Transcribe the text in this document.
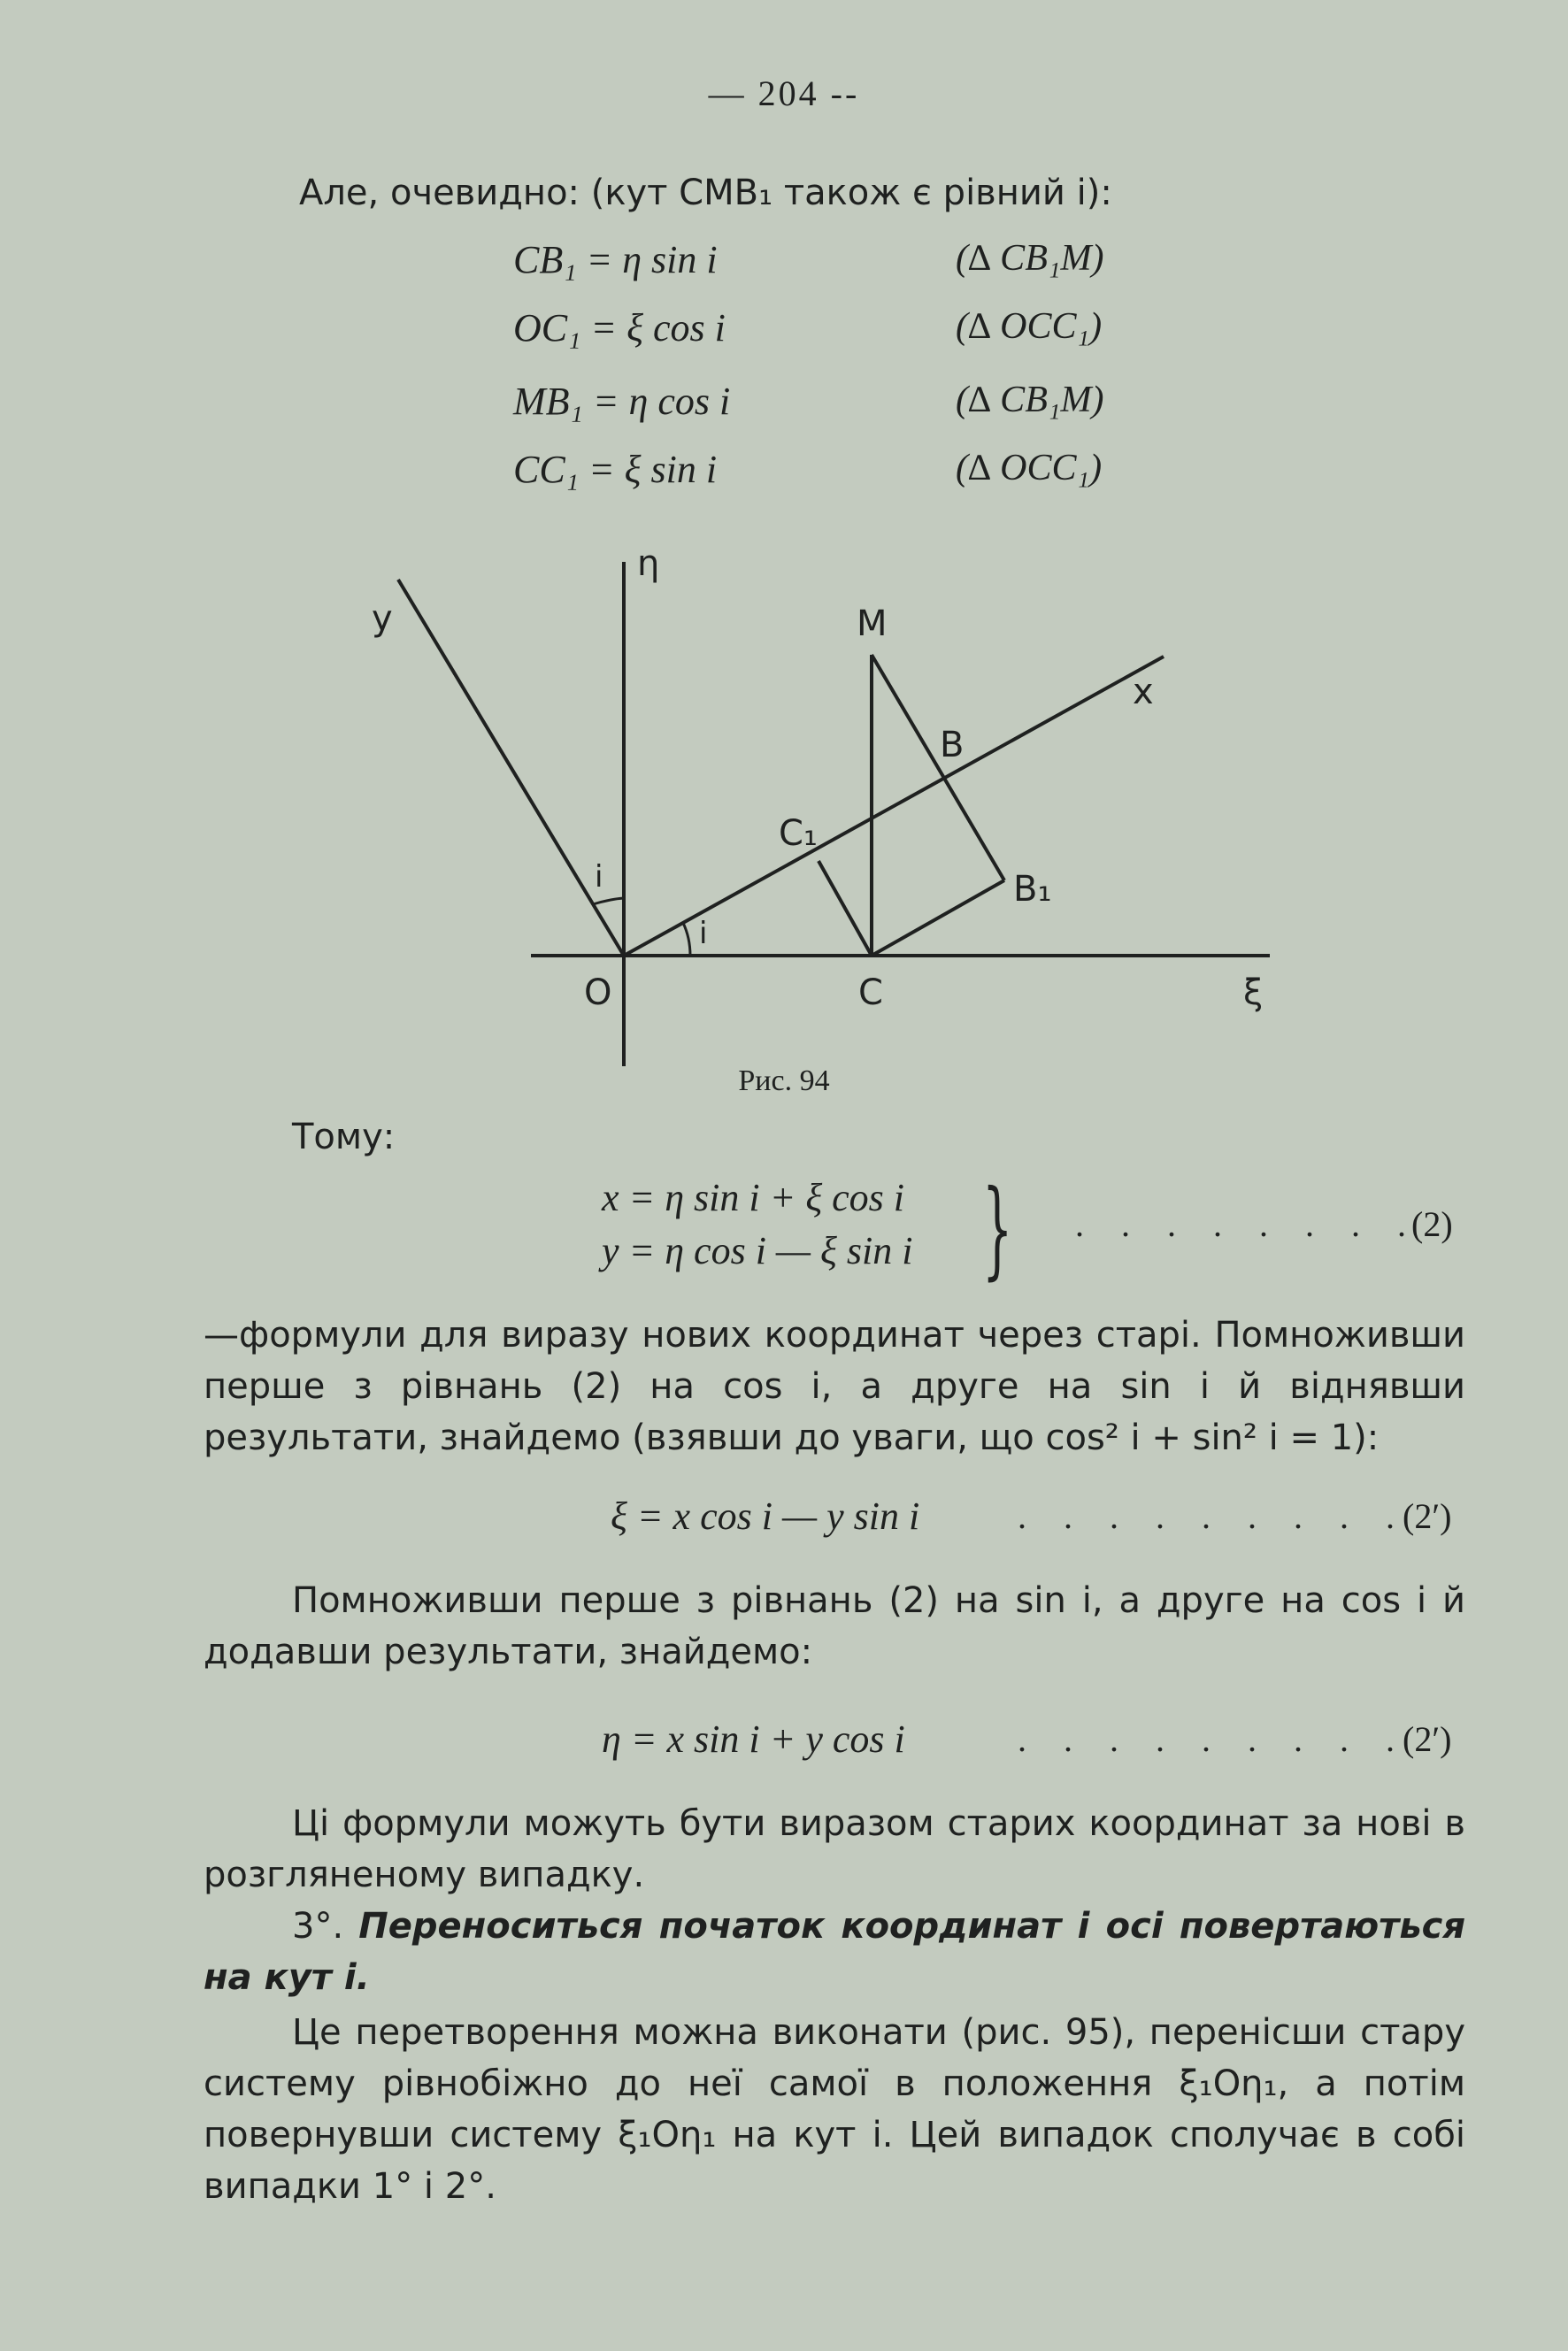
— 204 --
Але, очевидно: (кут CMB₁ також є рівний i):
CB₁ = η sin i	(∆ CB₁M)
OC₁ = ξ cos i	(∆ OCC₁)
MB₁ = η cos i	(∆ CB₁M)
CC₁ = ξ sin i	(∆ OCC₁)
η
y	M
x
B
C₁
B₁
i
i
O	C	ξ
Рис. 94
Тому:
x = η sin i + ξ cos i
y = η cos i — ξ sin i } . . . . . . . .
(2)

—формули для виразу нових координат через старі. Помноживши перше з рівнань (2) на cos i, а друге на sin i й віднявши результати, знайдемо (взявши до уваги, що cos² i + sin² i = 1):

ξ = x cos i — y sin i	. . . . . . . . .
(2′)

Помноживши перше з рівнань (2) на sin i, а друге на cos i й додавши результати, знайдемо:

η = x sin i + y cos i	. . . . . . . . .
(2′)

Ці формули можуть бути виразом старих координат за нові в розгляненому випадку.

3°. Переноситься початок координат і осі повертаються на кут i.

Це перетворення можна виконати (рис. 95), перенісши стару систему рівнобіжно до неї самої в положення ξ₁Oη₁, а потім повернувши систему ξ₁Oη₁ на кут i. Цей випадок сполучає в собі випадки 1° і 2°.
